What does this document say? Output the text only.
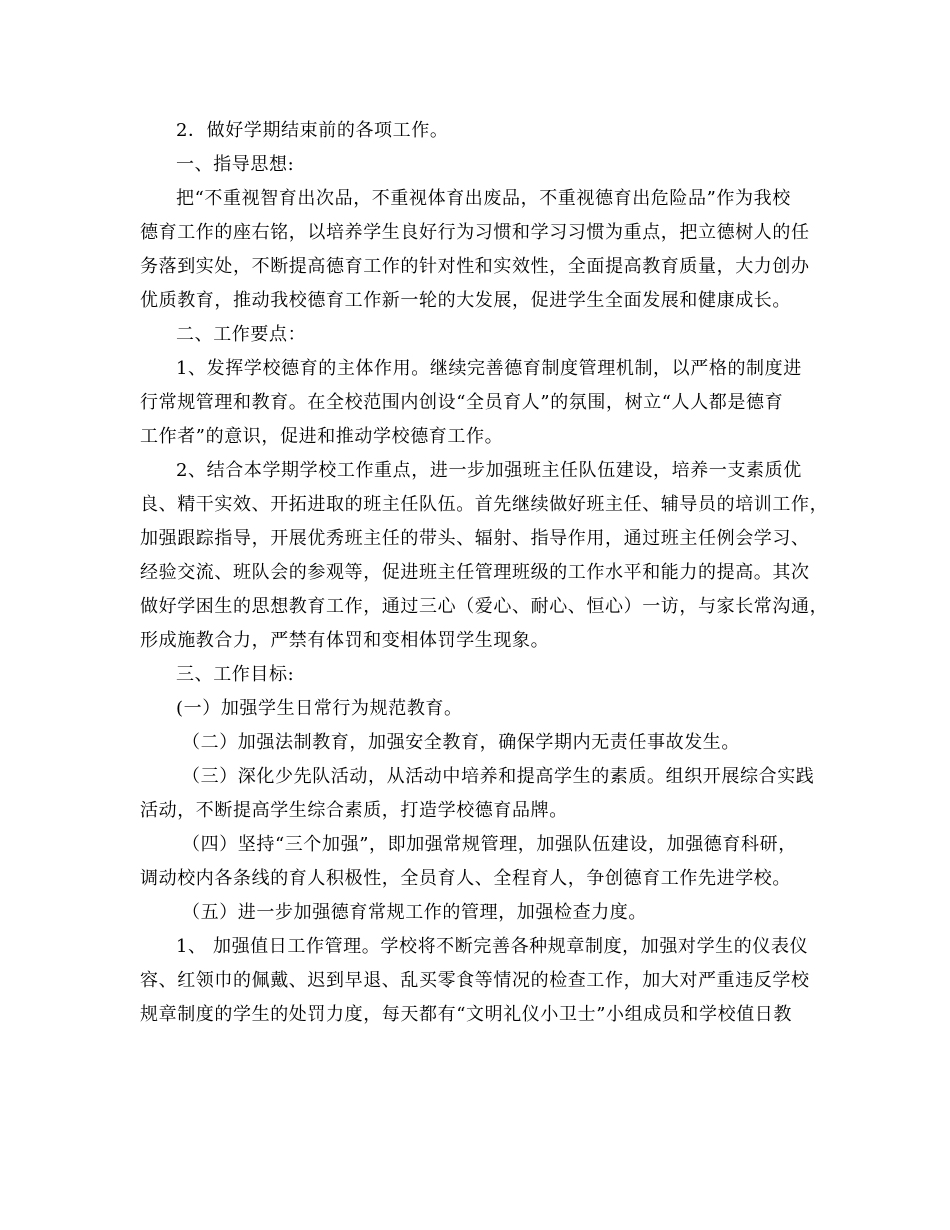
2．做好学期结束前的各项工作。

一、指导思想:

把“不重视智育出次品，不重视体育出废品，不重视德育出危险品”作为我校
德育工作的座右铭，以培养学生良好行为习惯和学习习惯为重点，把立德树人的任
务落到实处，不断提高德育工作的针对性和实效性，全面提高教育质量，大力创办
优质教育，推动我校德育工作新一轮的大发展，促进学生全面发展和健康成长。

二、工作要点：

1、发挥学校德育的主体作用。继续完善德育制度管理机制，以严格的制度进
行常规管理和教育。在全校范围内创设“全员育人”的氛围，树立“人人都是德育
工作者”的意识，促进和推动学校德育工作。

2、结合本学期学校工作重点，进一步加强班主任队伍建设，培养一支素质优
良、精干实效、开拓进取的班主任队伍。首先继续做好班主任、辅导员的培训工作，
加强跟踪指导，开展优秀班主任的带头、辐射、指导作用，通过班主任例会学习、
经验交流、班队会的参观等，促进班主任管理班级的工作水平和能力的提高。其次
做好学困生的思想教育工作，通过三心（爱心、耐心、恒心）一访，与家长常沟通，
形成施教合力，严禁有体罚和变相体罚学生现象。

三、工作目标:

(一）加强学生日常行为规范教育。

（二）加强法制教育，加强安全教育，确保学期内无责任事故发生。

（三）深化少先队活动，从活动中培养和提高学生的素质。组织开展综合实践
活动，不断提高学生综合素质，打造学校德育品牌。

（四）坚持“三个加强”，即加强常规管理，加强队伍建设，加强德育科研，
调动校内各条线的育人积极性，全员育人、全程育人，争创德育工作先进学校。

（五）进一步加强德育常规工作的管理，加强检查力度。

1、 加强值日工作管理。学校将不断完善各种规章制度，加强对学生的仪表仪
容、红领巾的佩戴、迟到早退、乱买零食等情况的检查工作，加大对严重违反学校
规章制度的学生的处罚力度，每天都有“文明礼仪小卫士”小组成员和学校值日教
